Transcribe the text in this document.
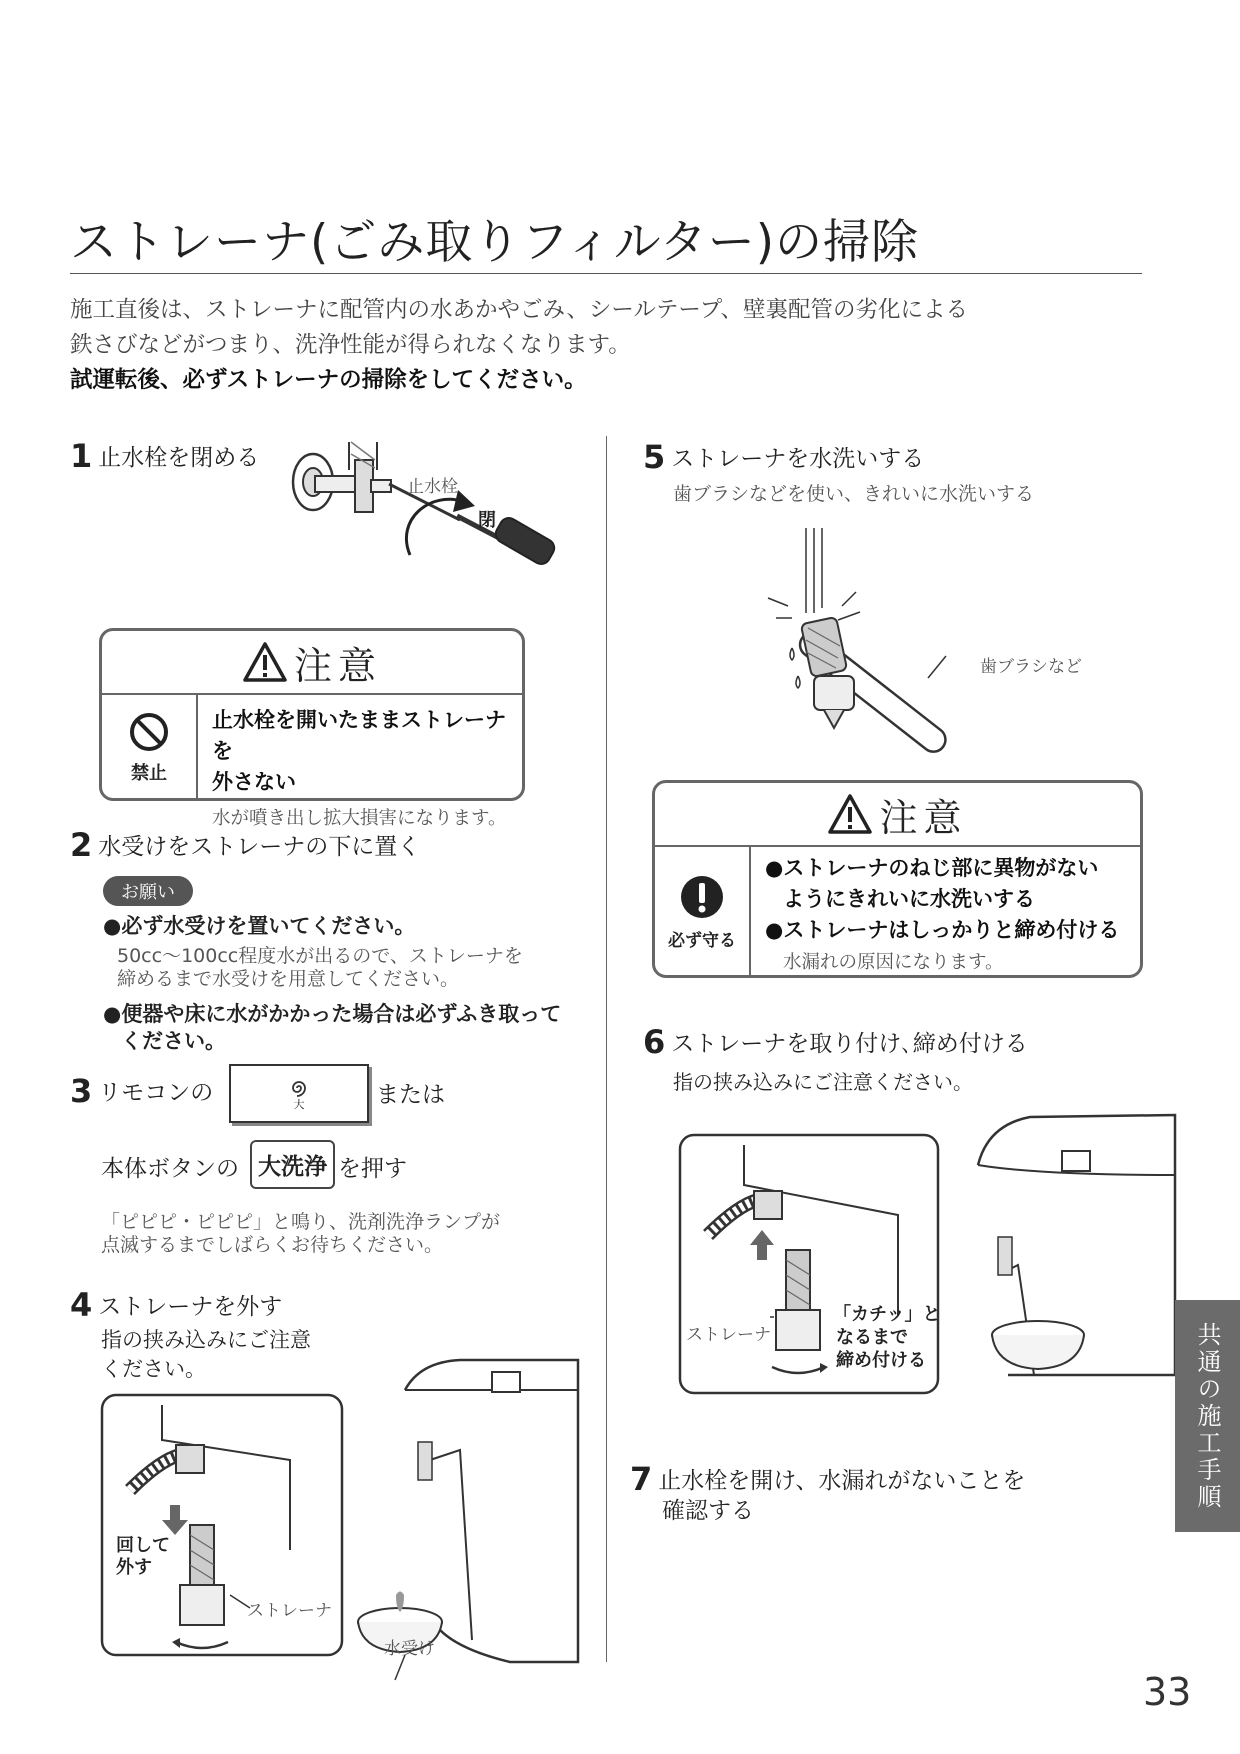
ストレーナ(ごみ取りフィルター)の掃除

施工直後は、ストレーナに配管内の水あかやごみ、シールテープ、壁裏配管の劣化による

鉄さびなどがつまり、洗浄性能が得られなくなります。

試運転後、必ずストレーナの掃除をしてください。

1 止水栓を閉める
止水栓
閉
注意
禁止
止水栓を開いたままストレーナを
外さない
水が噴き出し拡大損害になります。
2 水受けをストレーナの下に置く
お願い
●必ず水受けを置いてください。
50cc～100cc程度水が出るので、ストレーナを
締めるまで水受けを用意してください。
●便器や床に水がかかった場合は必ずふき取って
ください。
3 リモコンの	大	または
本体ボタンの 大洗浄 を押す
「ピピピ・ピピピ」と鳴り、洗剤洗浄ランプが
点滅するまでしばらくお待ちください。
4 ストレーナを外す
指の挟み込みにご注意
ください。
回して
外す
ストレーナ
水受け
5 ストレーナを水洗いする
歯ブラシなどを使い、きれいに水洗いする
歯ブラシなど
注意
必ず守る
●ストレーナのねじ部に異物がない
ようにきれいに水洗いする
●ストレーナはしっかりと締め付ける
水漏れの原因になります。
6 ストレーナを取り付け､締め付ける
指の挟み込みにご注意ください。
ストレーナ
「カチッ」と
なるまで
締め付ける
7 止水栓を開け、水漏れがないことを
確認する
共通の施工手順
33
